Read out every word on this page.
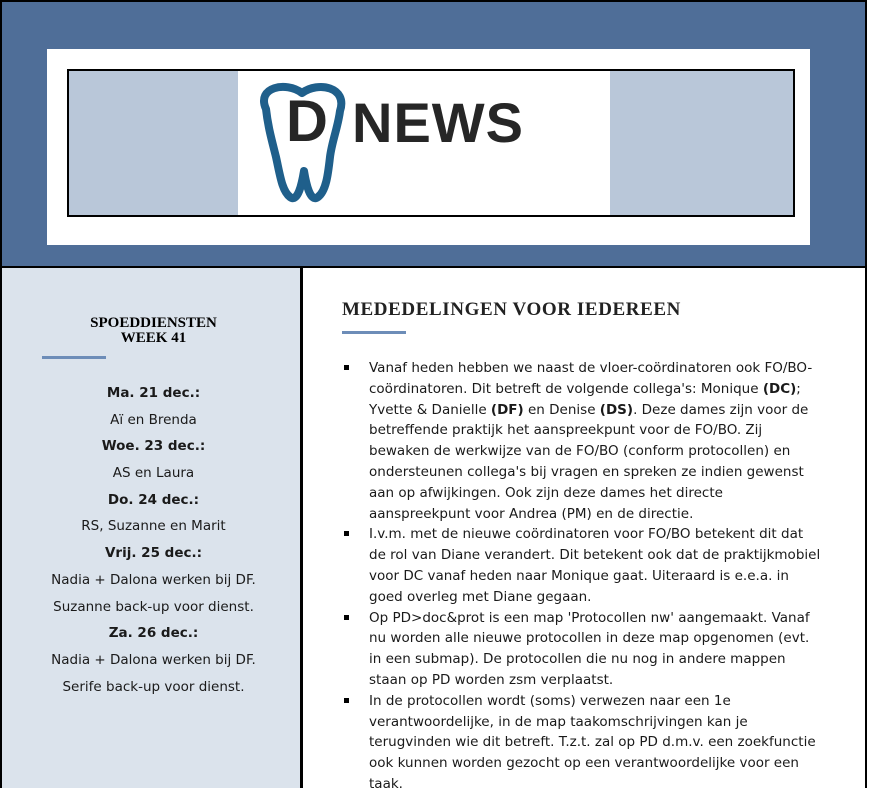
D NEWS
SPOEDDIENSTEN
WEEK 41
Ma. 21 dec.:
Aï en Brenda
Woe. 23 dec.:
AS en Laura
Do. 24 dec.:
RS, Suzanne en Marit
Vrij. 25 dec.:
Nadia + Dalona werken bij DF.
Suzanne back-up voor dienst.
Za. 26 dec.:
Nadia + Dalona werken bij DF.
Serife back-up voor dienst.
MEDEDELINGEN VOOR IEDEREEN
Vanaf heden hebben we naast de vloer-coördinatoren ook FO/BO-
coördinatoren. Dit betreft de volgende collega's: Monique (DC);
Yvette & Danielle (DF) en Denise (DS). Deze dames zijn voor de
betreffende praktijk het aanspreekpunt voor de FO/BO. Zij
bewaken de werkwijze van de FO/BO (conform protocollen) en
ondersteunen collega's bij vragen en spreken ze indien gewenst
aan op afwijkingen. Ook zijn deze dames het directe
aanspreekpunt voor Andrea (PM) en de directie.
I.v.m. met de nieuwe coördinatoren voor FO/BO betekent dit dat
de rol van Diane verandert. Dit betekent ook dat de praktijkmobiel
voor DC vanaf heden naar Monique gaat. Uiteraard is e.e.a. in
goed overleg met Diane gegaan.
Op PD>doc&prot is een map 'Protocollen nw' aangemaakt. Vanaf
nu worden alle nieuwe protocollen in deze map opgenomen (evt.
in een submap). De protocollen die nu nog in andere mappen
staan op PD worden zsm verplaatst.
In de protocollen wordt (soms) verwezen naar een 1e
verantwoordelijke, in de map taakomschrijvingen kan je
terugvinden wie dit betreft. T.z.t. zal op PD d.m.v. een zoekfunctie
ook kunnen worden gezocht op een verantwoordelijke voor een
taak.
